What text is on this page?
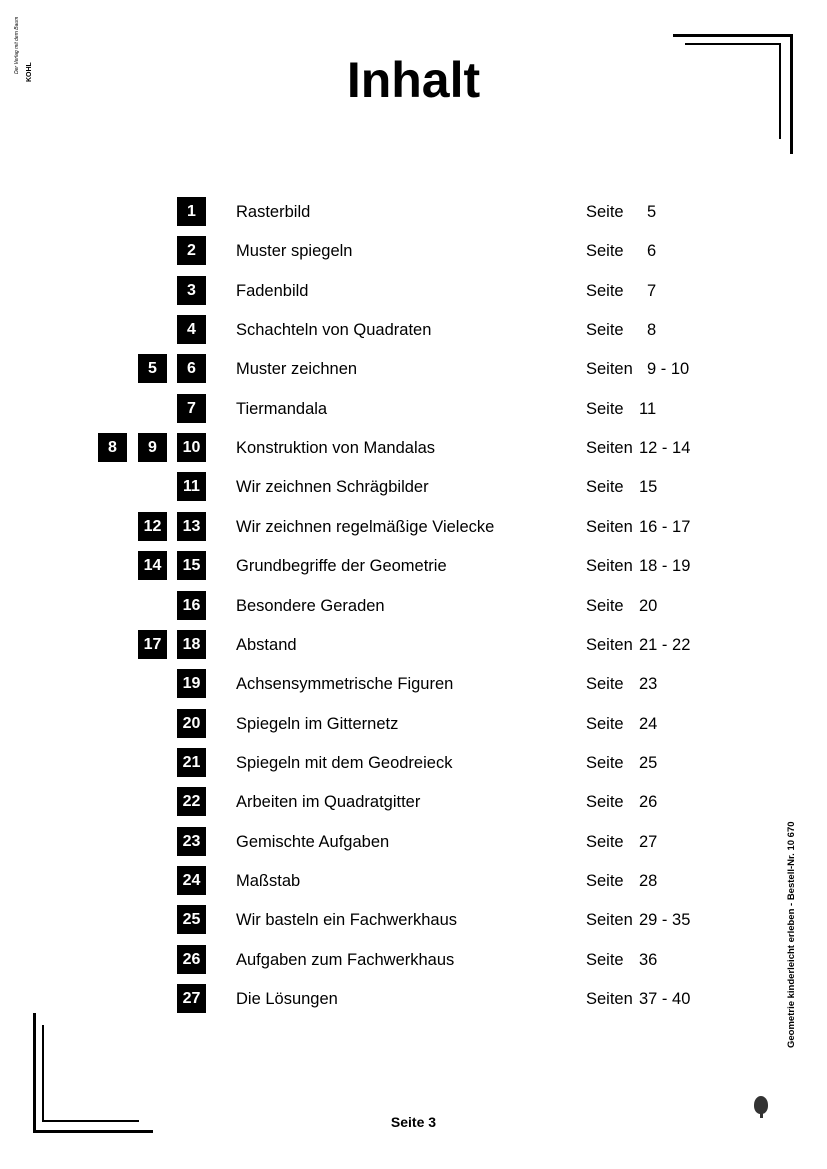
Inhalt
1	Rasterbild	Seite 5
2	Muster spiegeln	Seite 6
3	Fadenbild	Seite 7
4	Schachteln von Quadraten	Seite 8
5	6	Muster zeichnen	Seiten 9 - 10
7	Tiermandala	Seite 11
8	9	10	Konstruktion von Mandalas	Seiten 12 - 14
11	Wir zeichnen Schrägbilder	Seite 15
12	13	Wir zeichnen regelmäßige Vielecke	Seiten 16 - 17
14	15	Grundbegriffe der Geometrie	Seiten 18 - 19
16	Besondere Geraden	Seite 20
17	18	Abstand	Seiten 21 - 22
19	Achsensymmetrische Figuren	Seite 23
20	Spiegeln im Gitternetz	Seite 24
21	Spiegeln mit dem Geodreieck	Seite 25
22	Arbeiten im Quadratgitter	Seite 26
23	Gemischte Aufgaben	Seite 27
24	Maßstab	Seite 28
25	Wir basteln ein Fachwerkhaus	Seiten 29 - 35
26	Aufgaben zum Fachwerkhaus	Seite 36
27	Die Lösungen	Seiten 37 - 40
Seite 3
Geometrie kinderleicht erleben - Bestell-Nr. 10 670
KOHL
Der Verlag mit dem Baum
